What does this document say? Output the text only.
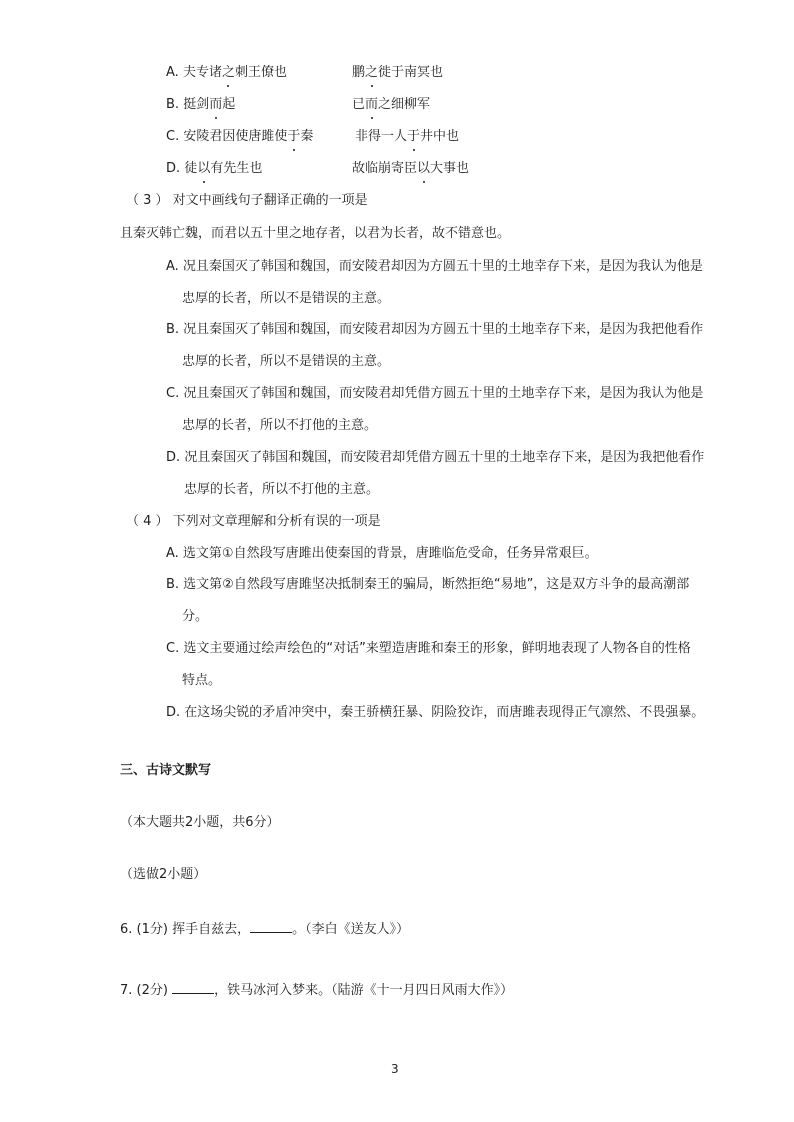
A. 夫专诸之刺王僚也	鹏之徙于南冥也
B. 挺剑而起	已而之细柳军
C. 安陵君因使唐雎使于秦	非得一人于井中也
D. 徒以有先生也	故临崩寄臣以大事也
（ 3 ） 对文中画线句子翻译正确的一项是
且秦灭韩亡魏，而君以五十里之地存者，以君为长者，故不错意也。
A. 况且秦国灭了韩国和魏国，而安陵君却因为方圆五十里的土地幸存下来，是因为我认为他是
忠厚的长者，所以不是错误的主意。
B. 况且秦国灭了韩国和魏国，而安陵君却因为方圆五十里的土地幸存下来，是因为我把他看作
忠厚的长者，所以不是错误的主意。
C. 况且秦国灭了韩国和魏国，而安陵君却凭借方圆五十里的土地幸存下来，是因为我认为他是
忠厚的长者，所以不打他的主意。
D. 况且秦国灭了韩国和魏国，而安陵君却凭借方圆五十里的土地幸存下来，是因为我把他看作
忠厚的长者，所以不打他的主意。
（ 4 ） 下列对文章理解和分析有误的一项是
A. 选文第①自然段写唐雎出使秦国的背景，唐雎临危受命，任务异常艰巨。
B. 选文第②自然段写唐雎坚决抵制秦王的骗局，断然拒绝“易地”，这是双方斗争的最高潮部
分。
C. 选文主要通过绘声绘色的“对话”来塑造唐雎和秦王的形象，鲜明地表现了人物各自的性格
特点。
D. 在这场尖锐的矛盾冲突中，秦王骄横狂暴、阴险狡诈，而唐雎表现得正气凛然、不畏强暴。
三、古诗文默写
（本大题共2小题，共6分）
（选做2小题）
6. (1分) 挥手自兹去，	。（李白《送友人》）
7. (2分)	，铁马冰河入梦来。（陆游《十一月四日风雨大作》）
3
